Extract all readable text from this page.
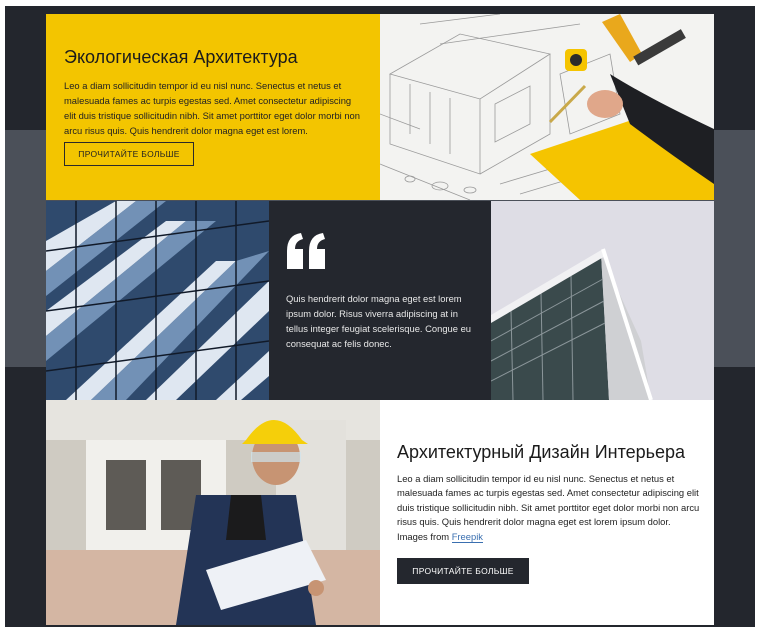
Экологическая Архитектура

Leo a diam sollicitudin tempor id eu nisl nunc. Senectus et netus et malesuada fames ac turpis egestas sed. Amet consectetur adipiscing elit duis tristique sollicitudin nibh. Sit amet porttitor eget dolor morbi non arcu risus quis. Quis hendrerit dolor magna eget est lorem.

ПРОЧИТАЙТЕ БОЛЬШЕ

Quis hendrerit dolor magna eget est lorem ipsum dolor. Risus viverra adipiscing at in tellus integer feugiat scelerisque. Congue eu consequat ac felis donec.

Архитектурный Дизайн Интерьера

Leo a diam sollicitudin tempor id eu nisl nunc. Senectus et netus et malesuada fames ac turpis egestas sed. Amet consectetur adipiscing elit duis tristique sollicitudin nibh. Sit amet porttitor eget dolor morbi non arcu risus quis. Quis hendrerit dolor magna eget est lorem ipsum dolor. Images from Freepik

ПРОЧИТАЙТЕ БОЛЬШЕ
